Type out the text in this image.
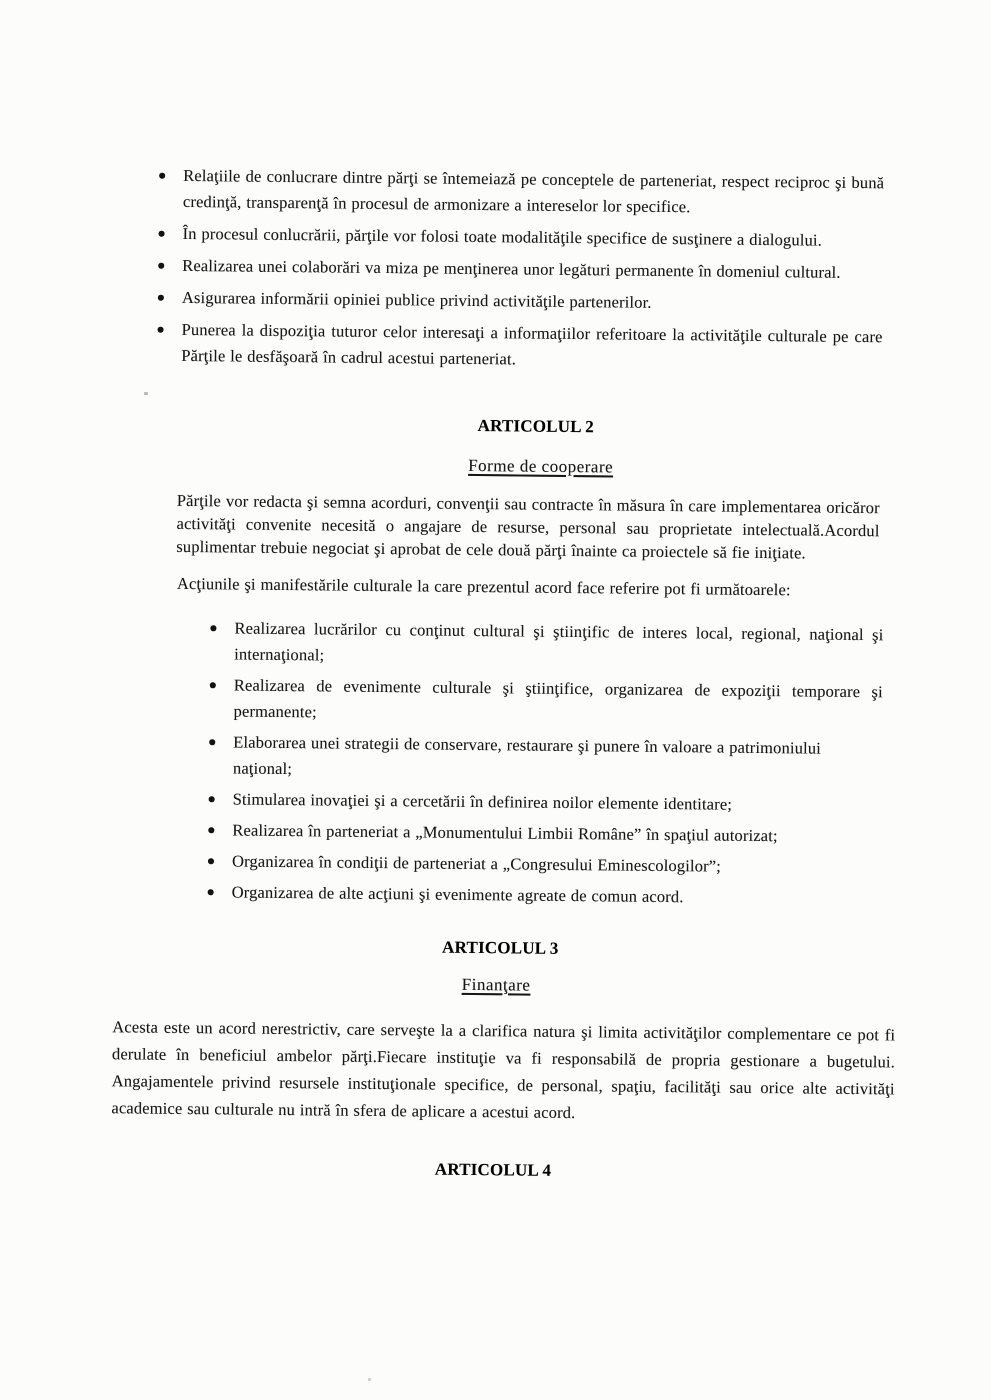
Relaţiile de conlucrare dintre părţi se întemeiază pe conceptele de parteneriat, respect reciproc şi bună
credinţă, transparenţă în procesul de armonizare a intereselor lor specifice.
În procesul conlucrării, părţile vor folosi toate modalităţile specifice de susţinere a dialogului.
Realizarea unei colaborări va miza pe menţinerea unor legături permanente în domeniul cultural.
Asigurarea informării opiniei publice privind activităţile partenerilor.
Punerea la dispoziţia tuturor celor interesaţi a informaţiilor referitoare la activităţile culturale pe care
Părţile le desfăşoară în cadrul acestui parteneriat.
ARTICOLUL 2
Forme de cooperare
Părţile vor redacta şi semna acorduri, convenţii sau contracte în măsura în care implementarea oricăror
activităţi convenite necesită o angajare de resurse, personal sau proprietate intelectuală.Acordul
suplimentar trebuie negociat şi aprobat de cele două părţi înainte ca proiectele să fie iniţiate.
Acţiunile şi manifestările culturale la care prezentul acord face referire pot fi următoarele:
Realizarea lucrărilor cu conţinut cultural şi ştiinţific de interes local, regional, naţional şi
internaţional;
Realizarea de evenimente culturale şi ştiinţifice, organizarea de expoziţii temporare şi
permanente;
Elaborarea unei strategii de conservare, restaurare şi punere în valoare a patrimoniului naţional;
Stimularea inovaţiei şi a cercetării în definirea noilor elemente identitare;
Realizarea în parteneriat a „Monumentului Limbii Române” în spaţiul autorizat;
Organizarea în condiţii de parteneriat a „Congresului Eminescologilor”;
Organizarea de alte acţiuni şi evenimente agreate de comun acord.
ARTICOLUL 3
Finanţare
Acesta este un acord nerestrictiv, care serveşte la a clarifica natura şi limita activităţilor complementare ce pot fi
derulate în beneficiul ambelor părţi.Fiecare instituţie va fi responsabilă de propria gestionare a bugetului.
Angajamentele privind resursele instituţionale specifice, de personal, spaţiu, facilităţi sau orice alte activităţi
academice sau culturale nu intră în sfera de aplicare a acestui acord.
ARTICOLUL 4
